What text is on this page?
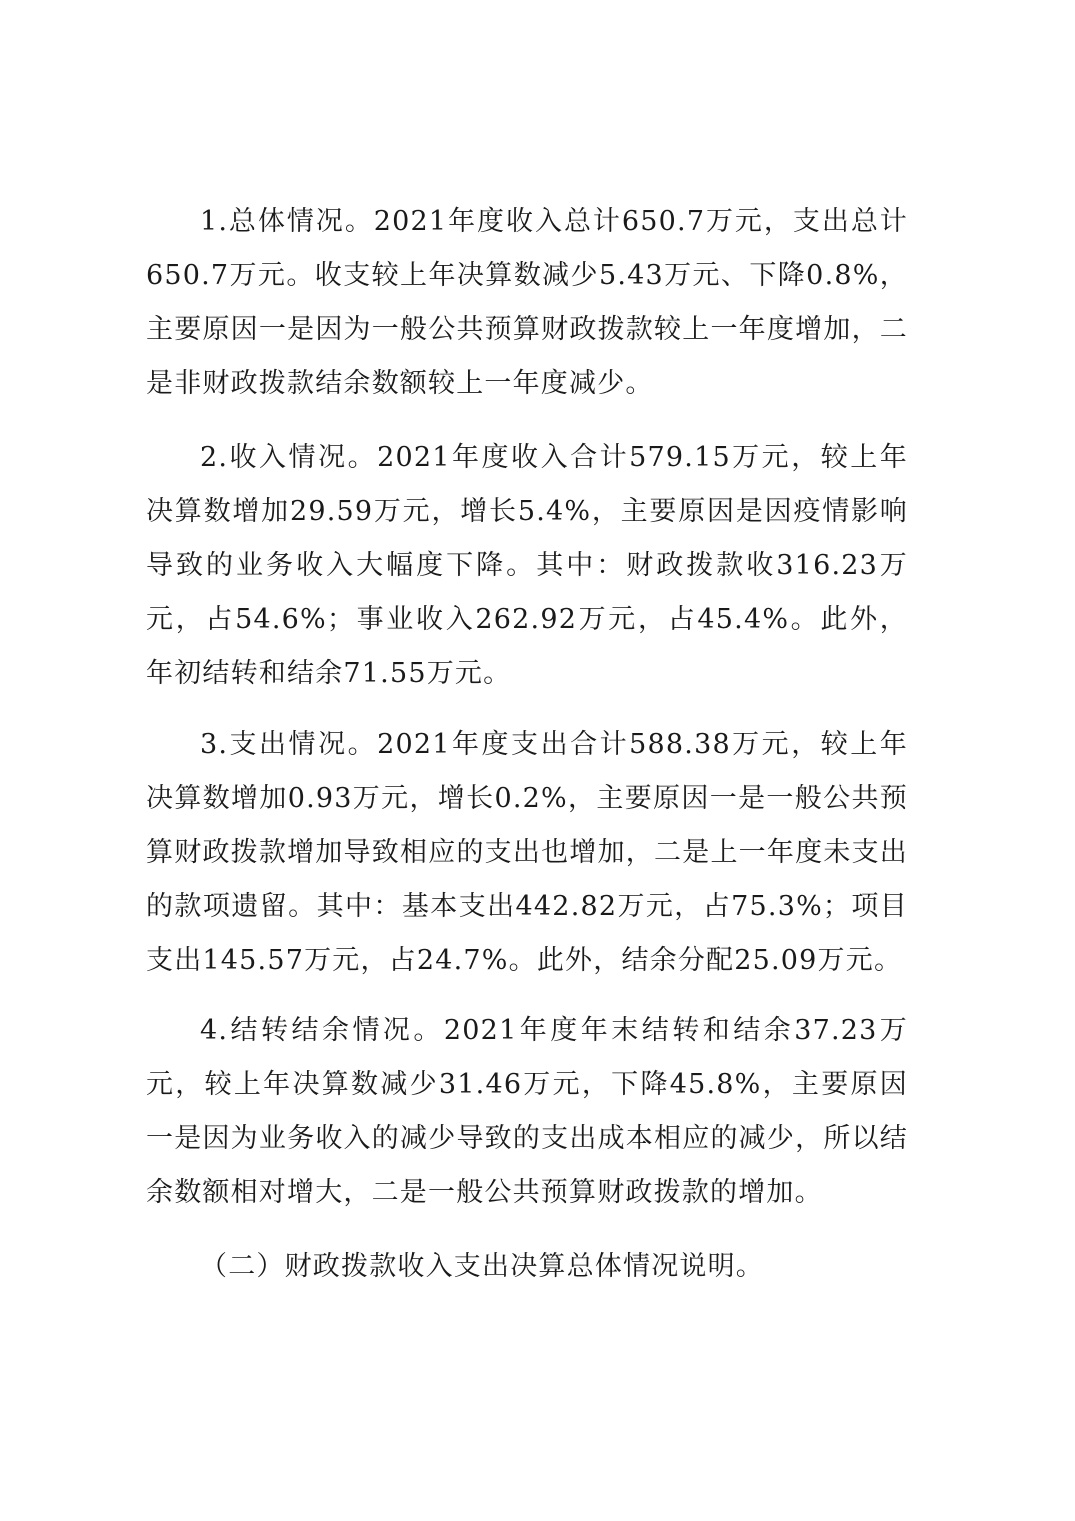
1.总体情况。2021年度收入总计650.7万元，支出总计650.7万元。收支较上年决算数减少5.43万元、下降0.8%，主要原因一是因为一般公共预算财政拨款较上一年度增加，二是非财政拨款结余数额较上一年度减少。

2.收入情况。2021年度收入合计579.15万元，较上年决算数增加29.59万元，增长5.4%，主要原因是因疫情影响导致的业务收入大幅度下降。其中：财政拨款收316.23万元，占54.6%；事业收入262.92万元，占45.4%。此外，年初结转和结余71.55万元。

3.支出情况。2021年度支出合计588.38万元，较上年决算数增加0.93万元，增长0.2%，主要原因一是一般公共预算财政拨款增加导致相应的支出也增加，二是上一年度未支出的款项遗留。其中：基本支出442.82万元，占75.3%；项目支出145.57万元，占24.7%。此外，结余分配25.09万元。

4.结转结余情况。2021年度年末结转和结余37.23万元，较上年决算数减少31.46万元，下降45.8%，主要原因一是因为业务收入的减少导致的支出成本相应的减少，所以结余数额相对增大，二是一般公共预算财政拨款的增加。

（二）财政拨款收入支出决算总体情况说明。
